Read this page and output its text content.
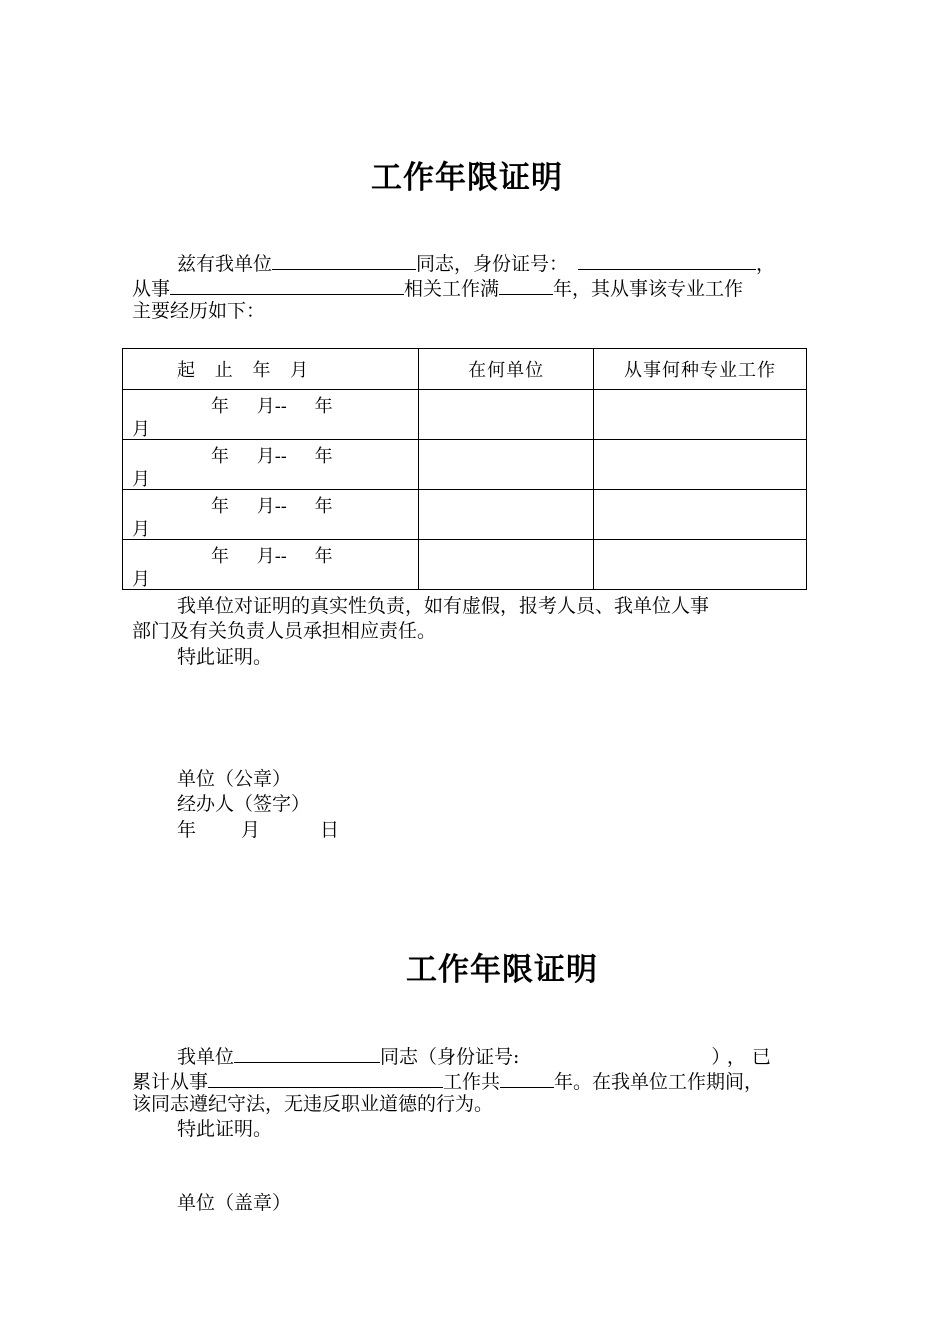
工作年限证明
兹有我单位	同志，身份证号：	，
从事	相关工作满	年，其从事该专业工作
主要经历如下：
起 止 年 月	在何单位	从事何种专业工作

年 月-- 年
月		

年 月-- 年
月		

年 月-- 年
月		

年 月-- 年
月		

我单位对证明的真实性负责，如有虚假，报考人员、我单位人事
部门及有关负责人员承担相应责任。
特此证明。
单位（公章）
经办人（签字）
年 月	日
工作年限证明
我单位	同志（身份证号:	），已
累计从事	工作共	年。在我单位工作期间，
该同志遵纪守法，无违反职业道德的行为。
特此证明。
单位（盖章）
